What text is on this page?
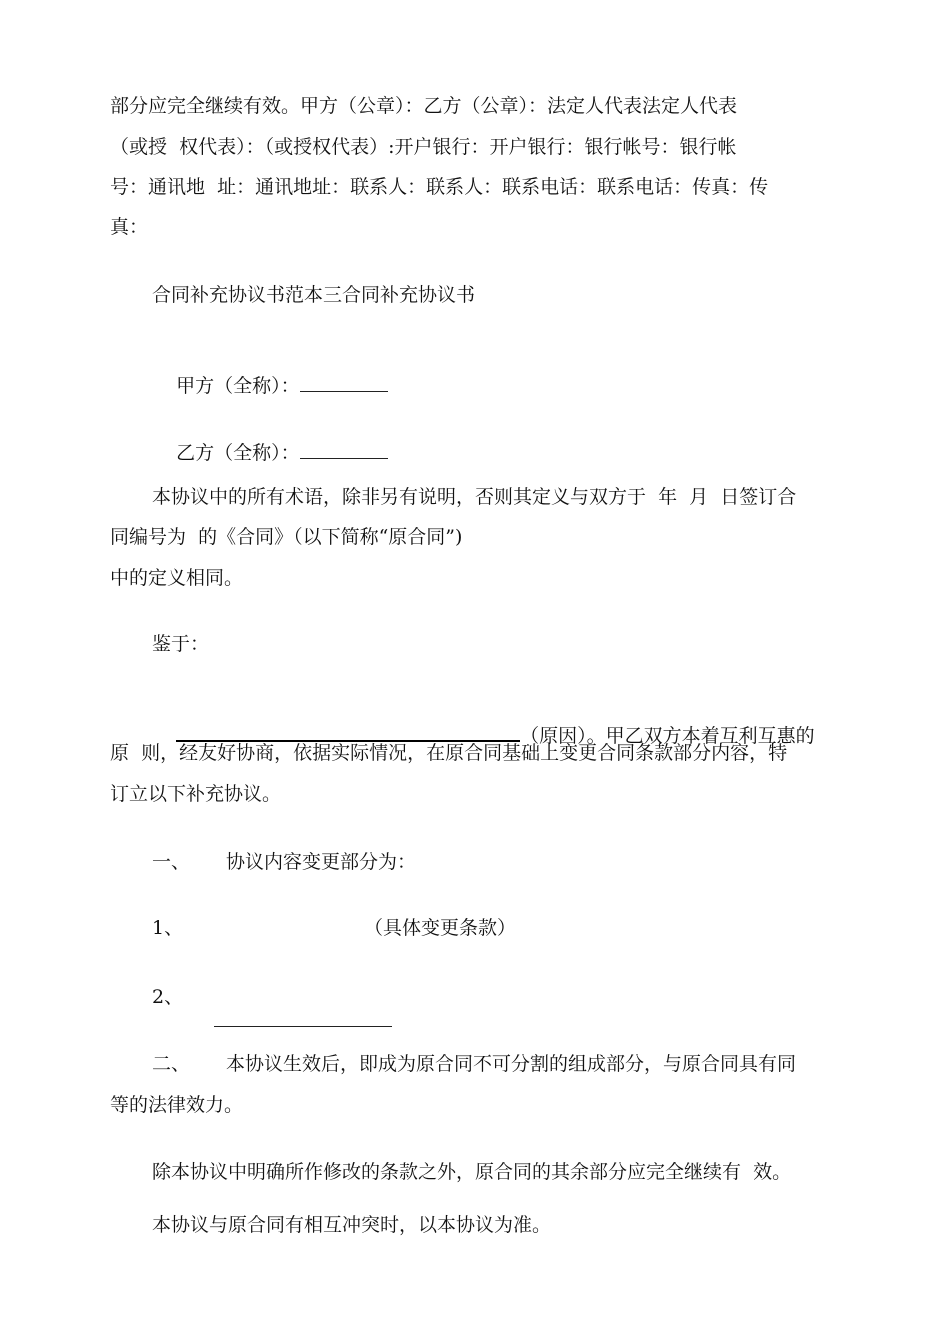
部分应完全继续有效。甲方（公章）：乙方（公章）：法定人代表法定人代表
（或授  权代表）：（或授权代表）:开户银行：开户银行：银行帐号：银行帐
号：通讯地  址：通讯地址：联系人：联系人：联系电话：联系电话：传真：传
真：
合同补充协议书范本三合同补充协议书

甲方（全称）：

乙方（全称）：

本协议中的所有术语，除非另有说明，否则其定义与双方于  年  月  日签订合
同编号为  的《合同》（以下简称“原合同”)
中的定义相同。
鉴于：

（原因）。甲乙双方本着互利互惠的

原  则，经友好协商，依据实际情况，在原合同基础上变更合同条款部分内容，特
订立以下补充协议。
一、 协议内容变更部分为：
1、	（具体变更条款）
2、

二、 本协议生效后，即成为原合同不可分割的组成部分，与原合同具有同
等的法律效力。
除本协议中明确所作修改的条款之外，原合同的其余部分应完全继续有  效。
本协议与原合同有相互冲突时，以本协议为准。
